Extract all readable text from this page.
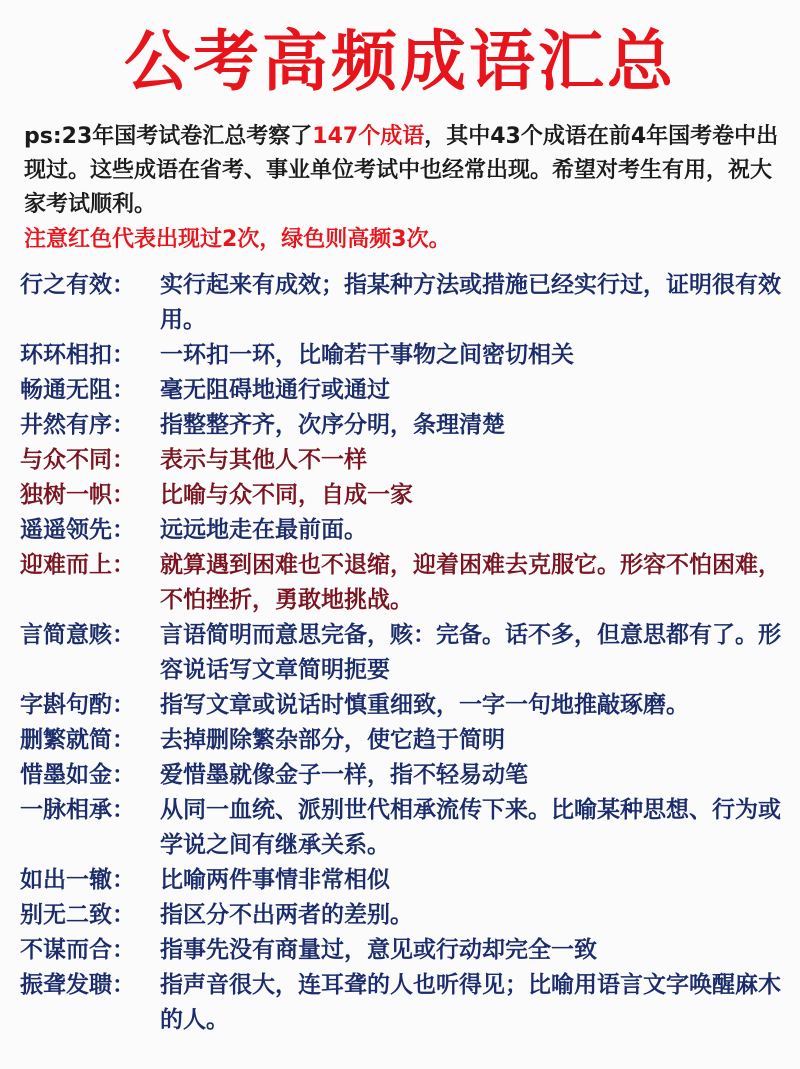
公考高频成语汇总
ps:23年国考试卷汇总考察了147个成语，其中43个成语在前4年国考卷中出现过。这些成语在省考、事业单位考试中也经常出现。希望对考生有用，祝大家考试顺利。
注意红色代表出现过2次，绿色则高频3次。
行之有效：	实行起来有成效；指某种方法或措施已经实行过，证明很有效用。
环环相扣：	一环扣一环，比喻若干事物之间密切相关
畅通无阻：	毫无阻碍地通行或通过
井然有序：	指整整齐齐，次序分明，条理清楚
与众不同：	表示与其他人不一样
独树一帜：	比喻与众不同，自成一家
遥遥领先：	远远地走在最前面。
迎难而上：	就算遇到困难也不退缩，迎着困难去克服它。形容不怕困难，不怕挫折，勇敢地挑战。
言简意赅：	言语简明而意思完备，赅：完备。话不多，但意思都有了。形容说话写文章简明扼要
字斟句酌：	指写文章或说话时慎重细致，一字一句地推敲琢磨。
删繁就简：	去掉删除繁杂部分，使它趋于简明
惜墨如金：	爱惜墨就像金子一样，指不轻易动笔
一脉相承：	从同一血统、派别世代相承流传下来。比喻某种思想、行为或学说之间有继承关系。
如出一辙：	比喻两件事情非常相似
别无二致：	指区分不出两者的差别。
不谋而合：	指事先没有商量过，意见或行动却完全一致
振聋发聩：	指声音很大，连耳聋的人也听得见；比喻用语言文字唤醒麻木的人。
